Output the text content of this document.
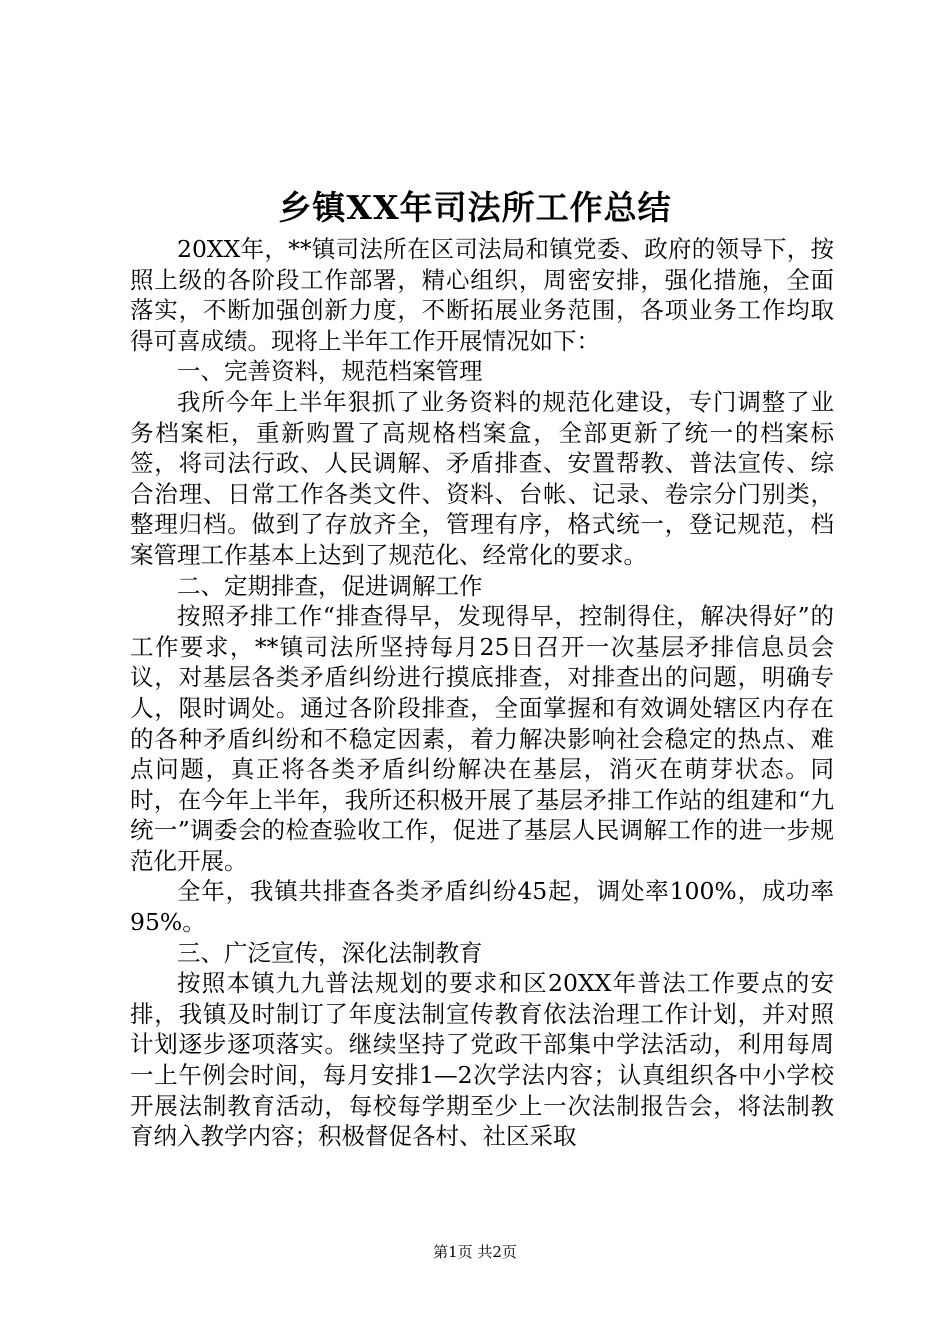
乡镇XX年司法所工作总结

20XX年，**镇司法所在区司法局和镇党委、政府的领导下，按照上级的各阶段工作部署，精心组织，周密安排，强化措施，全面落实，不断加强创新力度，不断拓展业务范围，各项业务工作均取得可喜成绩。现将上半年工作开展情况如下：

一、完善资料，规范档案管理

我所今年上半年狠抓了业务资料的规范化建设，专门调整了业务档案柜，重新购置了高规格档案盒，全部更新了统一的档案标签，将司法行政、人民调解、矛盾排查、安置帮教、普法宣传、综合治理、日常工作各类文件、资料、台帐、记录、卷宗分门别类，整理归档。做到了存放齐全，管理有序，格式统一，登记规范，档案管理工作基本上达到了规范化、经常化的要求。

二、定期排查，促进调解工作

按照矛排工作“排查得早，发现得早，控制得住，解决得好”的工作要求，**镇司法所坚持每月25日召开一次基层矛排信息员会议，对基层各类矛盾纠纷进行摸底排查，对排查出的问题，明确专人，限时调处。通过各阶段排查，全面掌握和有效调处辖区内存在的各种矛盾纠纷和不稳定因素，着力解决影响社会稳定的热点、难点问题，真正将各类矛盾纠纷解决在基层，消灭在萌芽状态。同时，在今年上半年，我所还积极开展了基层矛排工作站的组建和“九统一”调委会的检查验收工作，促进了基层人民调解工作的进一步规范化开展。

全年，我镇共排查各类矛盾纠纷45起，调处率100%，成功率95%。

三、广泛宣传，深化法制教育

按照本镇九九普法规划的要求和区20XX年普法工作要点的安排，我镇及时制订了年度法制宣传教育依法治理工作计划，并对照计划逐步逐项落实。继续坚持了党政干部集中学法活动，利用每周一上午例会时间，每月安排1—2次学法内容；认真组织各中小学校开展法制教育活动，每校每学期至少上一次法制报告会，将法制教育纳入教学内容；积极督促各村、社区采取

第1页 共2页
